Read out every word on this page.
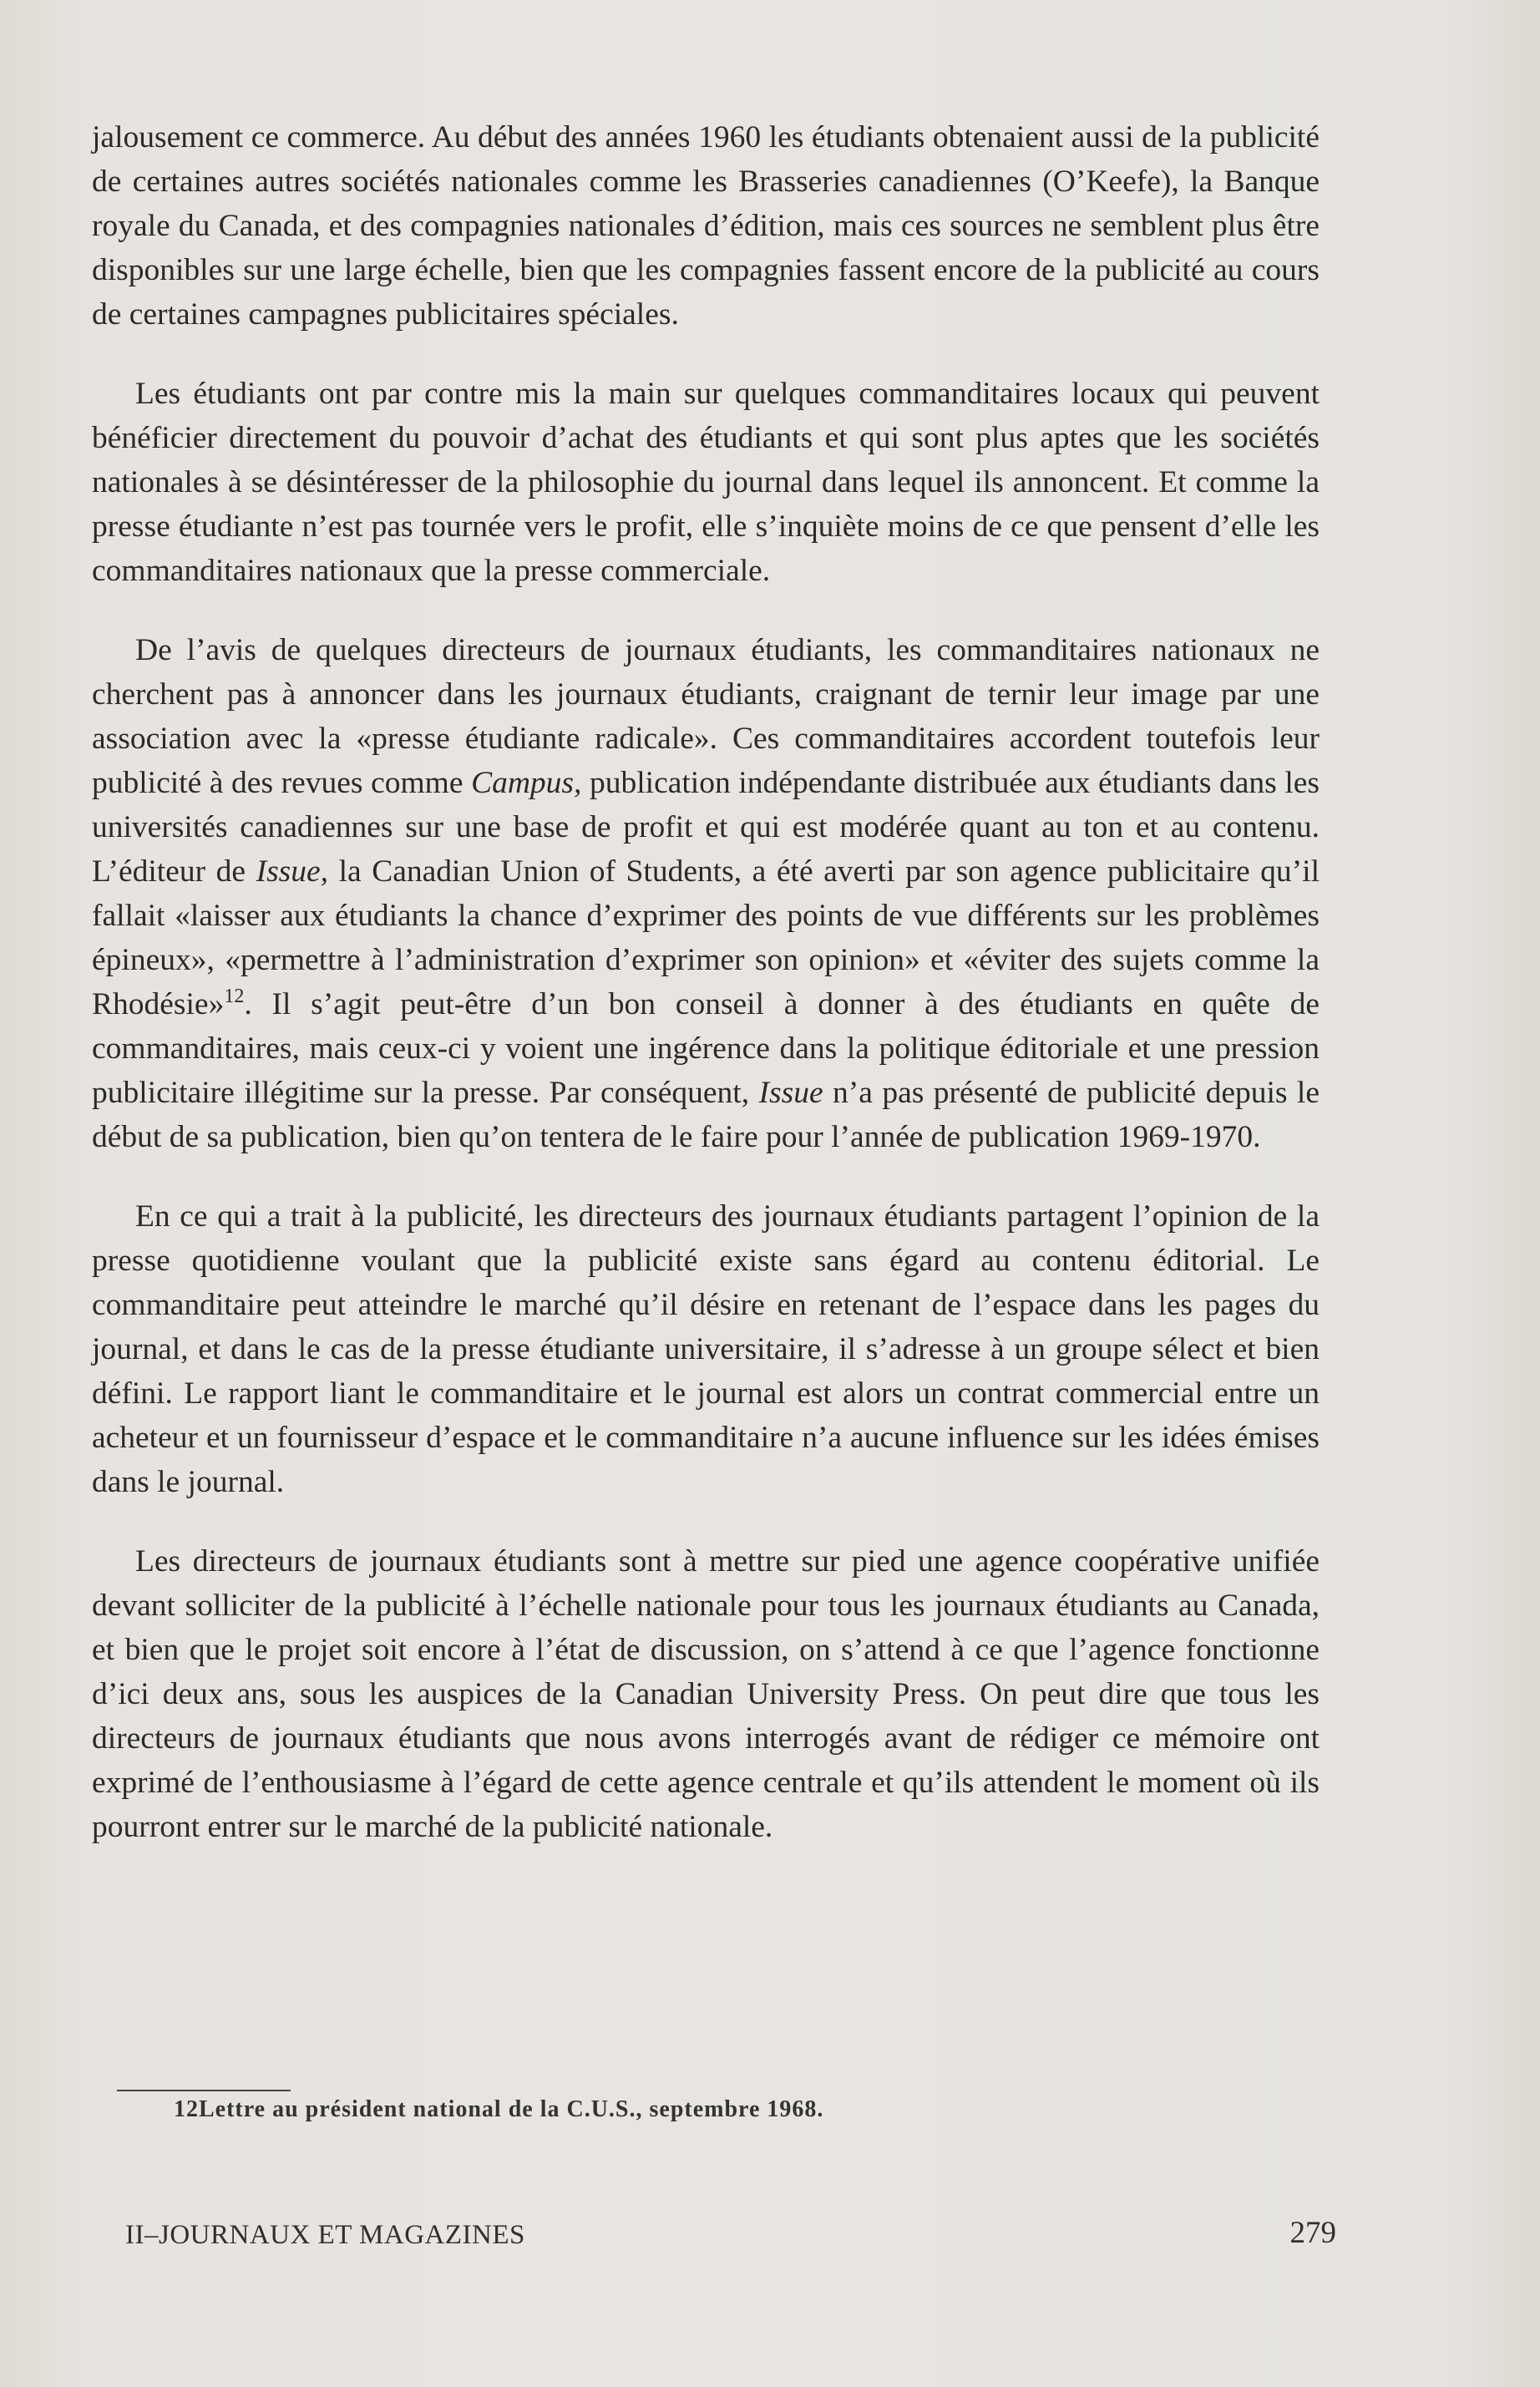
jalousement ce commerce. Au début des années 1960 les étudiants obtenaient aussi de la publicité de certaines autres sociétés nationales comme les Brasseries canadiennes (O’Keefe), la Banque royale du Canada, et des compagnies nationales d’édition, mais ces sources ne semblent plus être disponibles sur une large échelle, bien que les compagnies fassent encore de la publicité au cours de certaines campagnes publicitaires spéciales.

Les étudiants ont par contre mis la main sur quelques commanditaires locaux qui peuvent bénéficier directement du pouvoir d’achat des étudiants et qui sont plus aptes que les sociétés nationales à se désintéresser de la philosophie du journal dans lequel ils annoncent. Et comme la presse étudiante n’est pas tournée vers le profit, elle s’inquiète moins de ce que pensent d’elle les commanditaires nationaux que la presse commerciale.

De l’avis de quelques directeurs de journaux étudiants, les commanditaires nationaux ne cherchent pas à annoncer dans les journaux étudiants, craignant de ternir leur image par une association avec la «presse étudiante radicale». Ces commanditaires accordent toutefois leur publicité à des revues comme Campus, publication indépendante distribuée aux étudiants dans les universités canadiennes sur une base de profit et qui est modérée quant au ton et au contenu. L’éditeur de Issue, la Canadian Union of Students, a été averti par son agence publicitaire qu’il fallait «laisser aux étudiants la chance d’exprimer des points de vue différents sur les problèmes épineux», «permettre à l’administration d’exprimer son opinion» et «éviter des sujets comme la Rhodésie»$^{12}$. Il s’agit peut-être d’un bon conseil à donner à des étudiants en quête de commanditaires, mais ceux-ci y voient une ingérence dans la politique éditoriale et une pression publicitaire illégitime sur la presse. Par conséquent, Issue n’a pas présenté de publicité depuis le début de sa publication, bien qu’on tentera de le faire pour l’année de publication 1969-1970.

En ce qui a trait à la publicité, les directeurs des journaux étudiants partagent l’opinion de la presse quotidienne voulant que la publicité existe sans égard au contenu éditorial. Le commanditaire peut atteindre le marché qu’il désire en retenant de l’espace dans les pages du journal, et dans le cas de la presse étudiante universitaire, il s’adresse à un groupe sélect et bien défini. Le rapport liant le commanditaire et le journal est alors un contrat commercial entre un acheteur et un fournisseur d’espace et le commanditaire n’a aucune influence sur les idées émises dans le journal.

Les directeurs de journaux étudiants sont à mettre sur pied une agence coopérative unifiée devant solliciter de la publicité à l’échelle nationale pour tous les journaux étudiants au Canada, et bien que le projet soit encore à l’état de discussion, on s’attend à ce que l’agence fonctionne d’ici deux ans, sous les auspices de la Canadian University Press. On peut dire que tous les directeurs de journaux étudiants que nous avons interrogés avant de rédiger ce mémoire ont exprimé de l’enthousiasme à l’égard de cette agence centrale et qu’ils attendent le moment où ils pourront entrer sur le marché de la publicité nationale.

12Lettre au président national de la C.U.S., septembre 1968.
II–JOURNAUX ET MAGAZINES	279
